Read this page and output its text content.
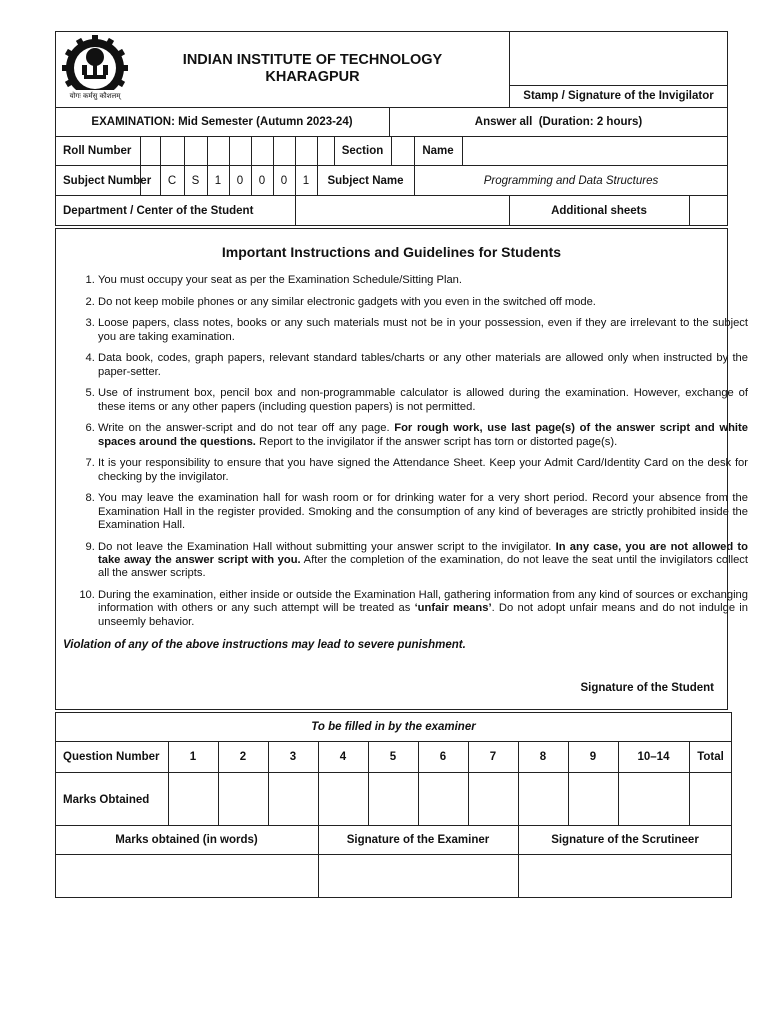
योगः कर्मसु कौशलम्
INDIAN INSTITUTE OF TECHNOLOGY
KHARAGPUR
Stamp / Signature of the Invigilator
EXAMINATION: Mid Semester (Autumn 2023-24)	Answer all  (Duration: 2 hours)
Roll Number	Section	Name
Subject Number	C	S	1	0	0	0	1	Subject Name	Programming and Data Structures
Department / Center of the Student	Additional sheets
Important Instructions and Guidelines for Students
1. You must occupy your seat as per the Examination Schedule/Sitting Plan.
2. Do not keep mobile phones or any similar electronic gadgets with you even in the switched off mode.
3. Loose papers, class notes, books or any such materials must not be in your possession, even if they are irrelevant to the subject you are taking examination.
4. Data book, codes, graph papers, relevant standard tables/charts or any other materials are allowed only when instructed by the paper-setter.
5. Use of instrument box, pencil box and non-programmable calculator is allowed during the examination. However, exchange of these items or any other papers (including question papers) is not permitted.
6. Write on the answer-script and do not tear off any page. For rough work, use last page(s) of the answer script and white spaces around the questions. Report to the invigilator if the answer script has torn or distorted page(s).
7. It is your responsibility to ensure that you have signed the Attendance Sheet. Keep your Admit Card/Identity Card on the desk for checking by the invigilator.
8. You may leave the examination hall for wash room or for drinking water for a very short period. Record your absence from the Examination Hall in the register provided. Smoking and the consumption of any kind of beverages are strictly prohibited inside the Examination Hall.
9. Do not leave the Examination Hall without submitting your answer script to the invigilator. In any case, you are not allowed to take away the answer script with you. After the completion of the examination, do not leave the seat until the invigilators collect all the answer scripts.
10. During the examination, either inside or outside the Examination Hall, gathering information from any kind of sources or exchanging information with others or any such attempt will be treated as ‘unfair means’. Do not adopt unfair means and do not indulge in unseemly behavior.
Violation of any of the above instructions may lead to severe punishment.
Signature of the Student
To be filled in by the examiner
Question Number	1	2	3	4	5	6	7	8	9	10–14	Total
Marks Obtained
Marks obtained (in words)	Signature of the Examiner	Signature of the Scrutineer
